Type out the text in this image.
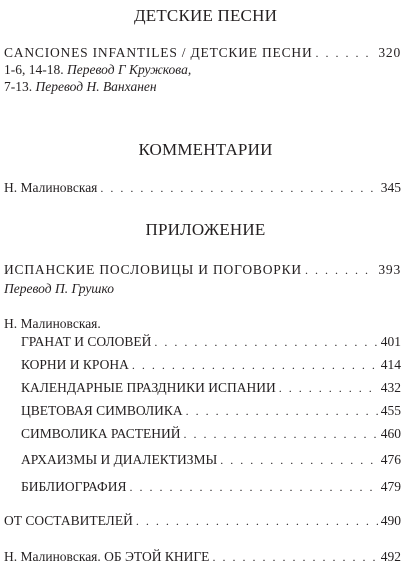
ДЕТСКИЕ ПЕСНИ
CANCIONES INFANTILES / ДЕТСКИЕ ПЕСНИ . . .	320
1-6, 14-18. Перевод Г Кружкова,
7-13. Перевод Н. Ванханен
КОММЕНТАРИИ
Н. Малиновская . . .	345
ПРИЛОЖЕНИЕ
ИСПАНСКИЕ ПОСЛОВИЦЫ И ПОГОВОРКИ . . .	393
Перевод П. Грушко
Н. Малиновская.
ГРАНАТ И СОЛОВЕЙ . . .	401
КОРНИ И КРОНА . . .	414
КАЛЕНДАРНЫЕ ПРАЗДНИКИ ИСПАНИИ . . .	432
ЦВЕТОВАЯ СИМВОЛИКА . . .	455
СИМВОЛИКА РАСТЕНИЙ . . .	460
АРХАИЗМЫ И ДИАЛЕКТИЗМЫ . . .	476
БИБЛИОГРАФИЯ . . .	479
ОТ СОСТАВИТЕЛЕЙ . . .	490
Н. Малиновская. ОБ ЭТОЙ КНИГЕ . . .	492
